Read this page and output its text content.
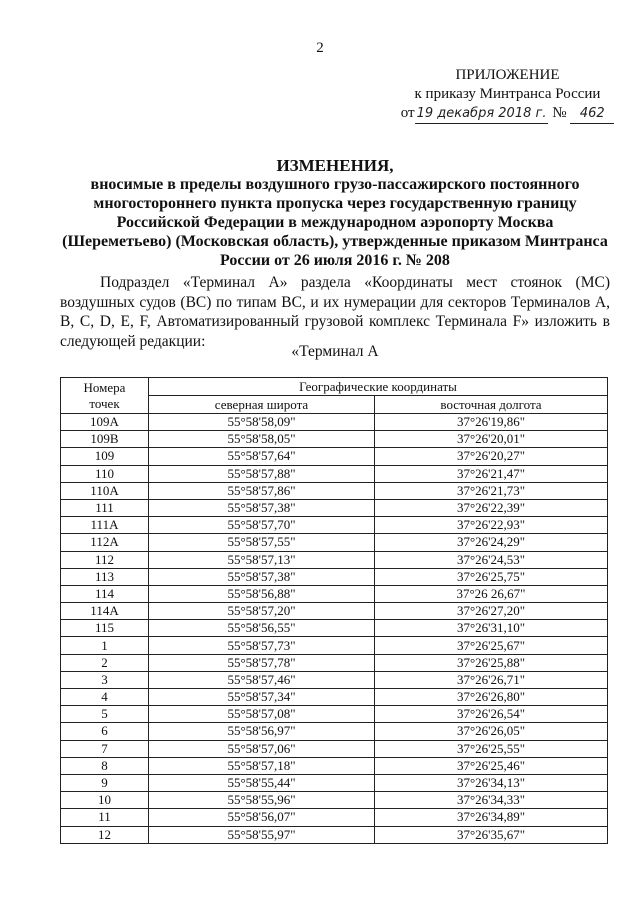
2
ПРИЛОЖЕНИЕ
к приказу Минтранса России
от 19 декабря 2018 г. № 462
ИЗМЕНЕНИЯ,
вносимые в пределы воздушного грузо-пассажирского постоянного многостороннего пункта пропуска через государственную границу Российской Федерации в международном аэропорту Москва (Шереметьево) (Московская область), утвержденные приказом Минтранса России от 26 июля 2016 г. № 208
Подраздел «Терминал А» раздела «Координаты мест стоянок (МС) воздушных судов (ВС) по типам ВС, и их нумерации для секторов Терминалов А, В, C, D, E, F, Автоматизированный грузовой комплекс Терминала F» изложить в следующей редакции:
«Терминал А
Номера точек	Географические координаты	
	северная широта	восточная долгота
109A	55°58'58,09"	37°26'19,86"
109B	55°58'58,05"	37°26'20,01"
109	55°58'57,64"	37°26'20,27"
110	55°58'57,88"	37°26'21,47"
110A	55°58'57,86"	37°26'21,73"
111	55°58'57,38"	37°26'22,39"
111A	55°58'57,70"	37°26'22,93"
112A	55°58'57,55"	37°26'24,29"
112	55°58'57,13"	37°26'24,53"
113	55°58'57,38"	37°26'25,75"
114	55°58'56,88"	37°26 26,67"
114A	55°58'57,20"	37°26'27,20"
115	55°58'56,55"	37°26'31,10"
1	55°58'57,73"	37°26'25,67"
2	55°58'57,78"	37°26'25,88"
3	55°58'57,46"	37°26'26,71"
4	55°58'57,34"	37°26'26,80"
5	55°58'57,08"	37°26'26,54"
6	55°58'56,97"	37°26'26,05"
7	55°58'57,06"	37°26'25,55"
8	55°58'57,18"	37°26'25,46"
9	55°58'55,44"	37°26'34,13"
10	55°58'55,96"	37°26'34,33"
11	55°58'56,07"	37°26'34,89"
12	55°58'55,97"	37°26'35,67"
